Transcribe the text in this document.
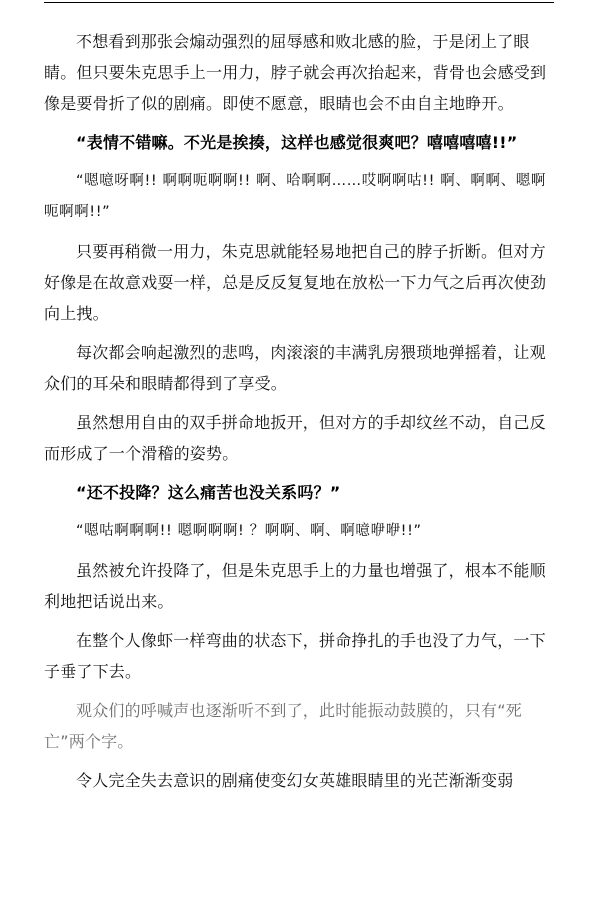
不想看到那张会煽动强烈的屈辱感和败北感的脸，于是闭上了眼睛。但只要朱克思手上一用力，脖子就会再次抬起来，背骨也会感受到像是要骨折了似的剧痛。即使不愿意，眼睛也会不由自主地睁开。

“表情不错嘛。不光是挨揍，这样也感觉很爽吧？嘻嘻嘻嘻!!”

“嗯噫呀啊!! 啊啊呃啊啊!! 啊、哈啊啊……哎啊啊咕!! 啊、啊啊、嗯啊呃啊啊!!”

只要再稍微一用力，朱克思就能轻易地把自己的脖子折断。但对方好像是在故意戏耍一样，总是反反复复地在放松一下力气之后再次使劲向上拽。

每次都会响起激烈的悲鸣，肉滚滚的丰满乳房猥琐地弹摇着，让观众们的耳朵和眼睛都得到了享受。

虽然想用自由的双手拼命地扳开，但对方的手却纹丝不动，自己反而形成了一个滑稽的姿势。

“还不投降？这么痛苦也没关系吗？”

“嗯咕啊啊啊!! 嗯啊啊啊! ？啊啊、啊、啊噫咿咿!!”

虽然被允许投降了，但是朱克思手上的力量也增强了，根本不能顺利地把话说出来。

在整个人像虾一样弯曲的状态下，拼命挣扎的手也没了力气，一下子垂了下去。

观众们的呼喊声也逐渐听不到了，此时能振动鼓膜的，只有“死亡”两个字。

令人完全失去意识的剧痛使变幻女英雄眼睛里的光芒渐渐变弱
